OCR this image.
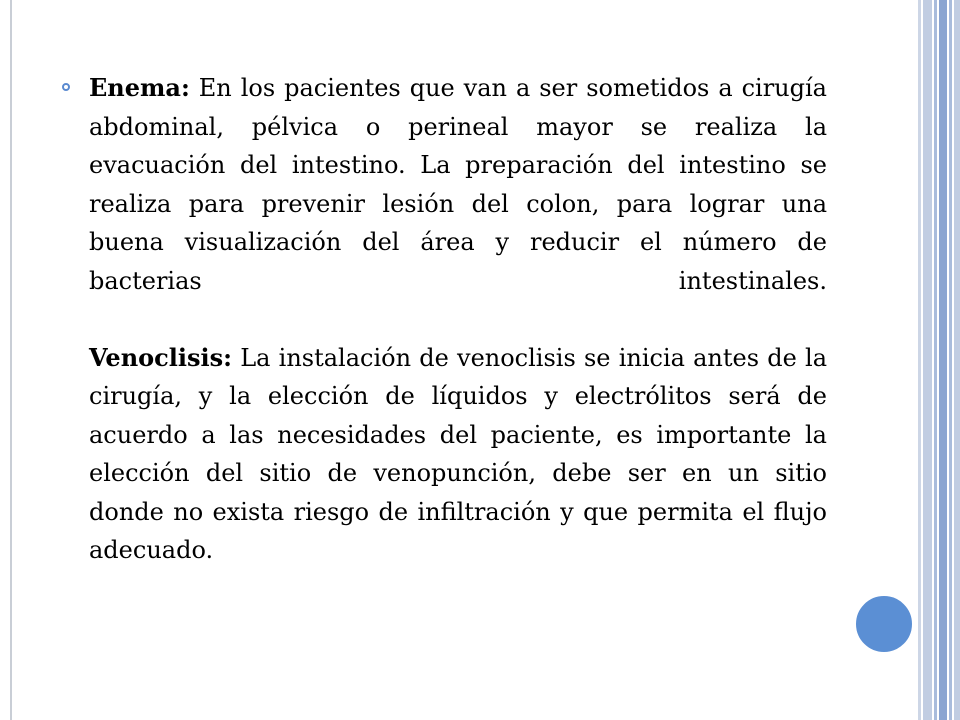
Enema: En los pacientes que van a ser sometidos a cirugía abdominal, pélvica o perineal mayor se realiza la evacuación del intestino. La preparación del intestino se realiza para prevenir lesión del colon, para lograr una buena visualización del área y reducir el número de bacterias intestinales.

Venoclisis: La instalación de venoclisis se inicia antes de la cirugía, y la elección de líquidos y electrólitos será de acuerdo a las necesidades del paciente, es importante la elección del sitio de venopunción, debe ser en un sitio donde no exista riesgo de infiltración y que permita el flujo adecuado.
